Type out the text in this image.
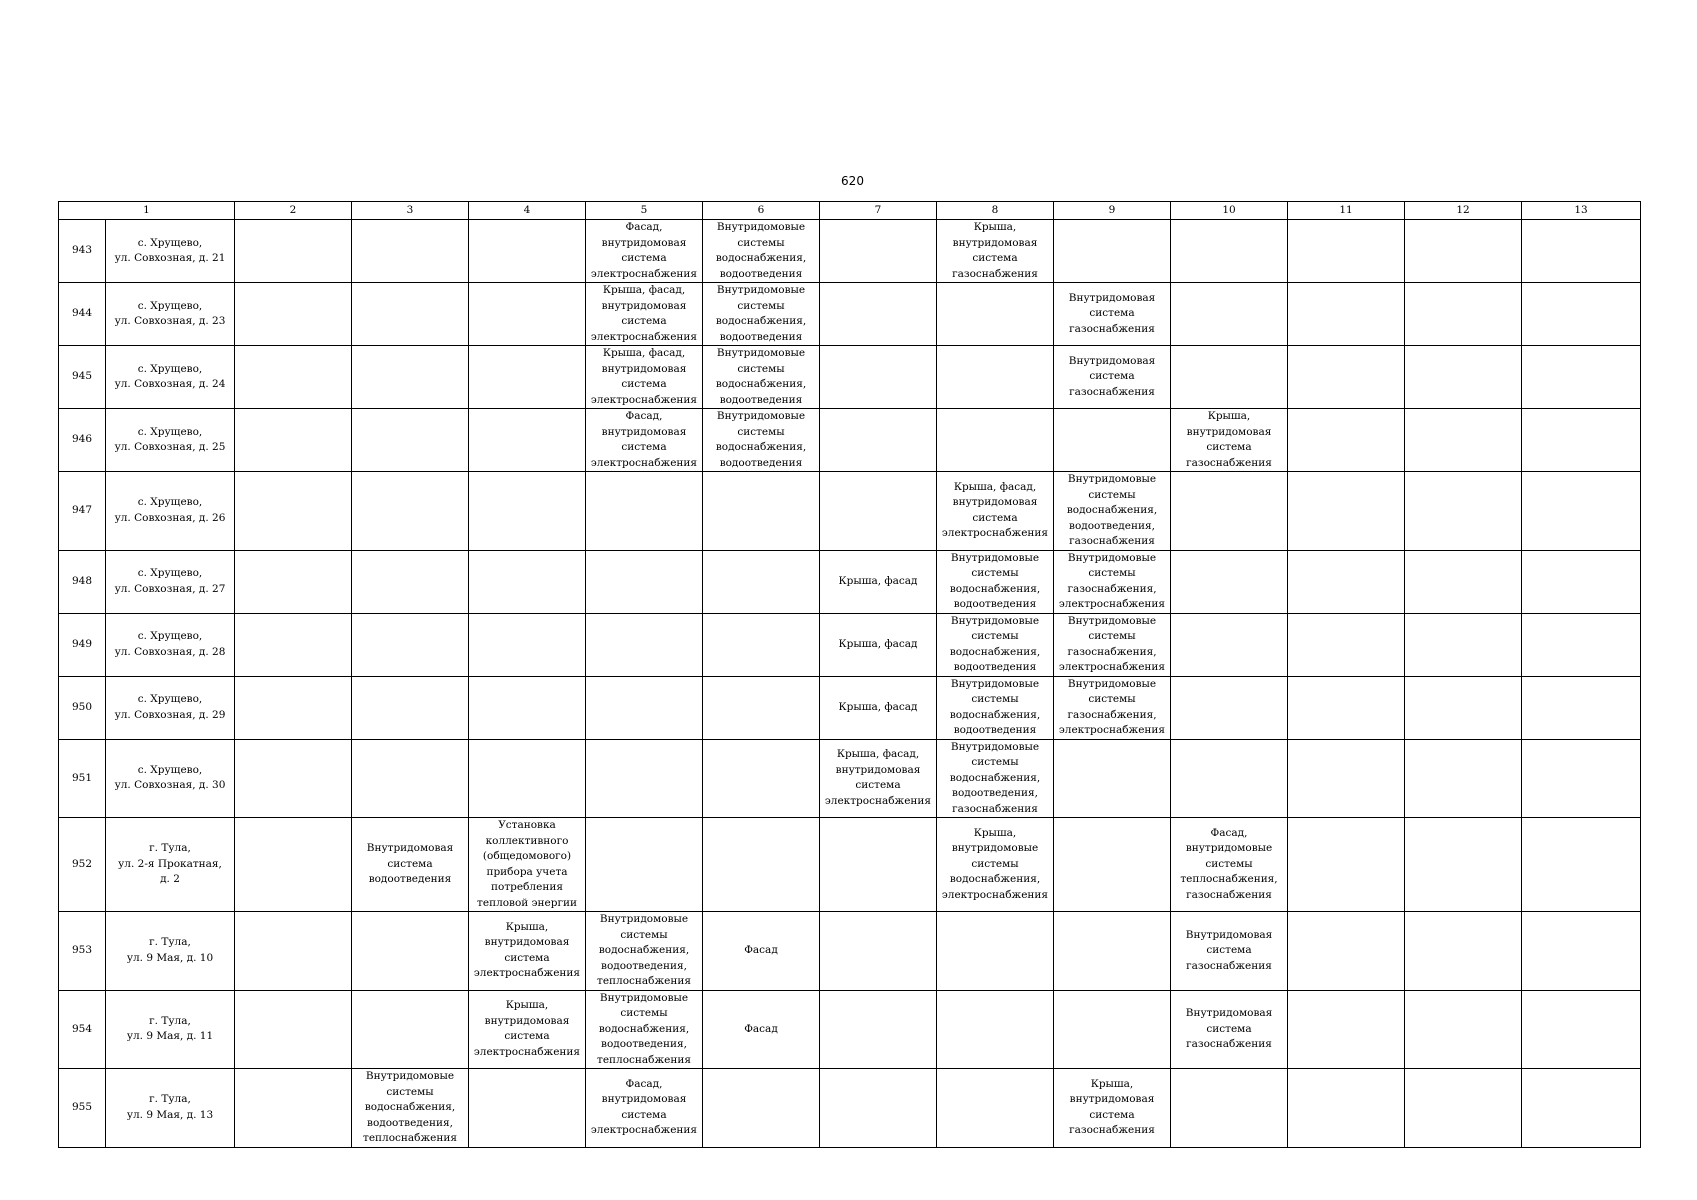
620
1		2	3	4	5	6	7	8	9	10	11	12	13
943	с. Хрущево,
ул. Совхозная, д. 21				Фасад, внутридомовая система электроснабжения	Внутридомовые системы водоснабжения, водоотведения		Крыша, внутридомовая система газоснабжения					
944	с. Хрущево,
ул. Совхозная, д. 23				Крыша, фасад, внутридомовая система электроснабжения	Внутридомовые системы водоснабжения, водоотведения			Внутридомовая система газоснабжения				
945	с. Хрущево,
ул. Совхозная, д. 24				Крыша, фасад, внутридомовая система электроснабжения	Внутридомовые системы водоснабжения, водоотведения			Внутридомовая система газоснабжения				
946	с. Хрущево,
ул. Совхозная, д. 25				Фасад, внутридомовая система электроснабжения	Внутридомовые системы водоснабжения, водоотведения				Крыша, внутридомовая система газоснабжения			
947	с. Хрущево,
ул. Совхозная, д. 26							Крыша, фасад, внутридомовая система электроснабжения	Внутридомовые системы водоснабжения, водоотведения, газоснабжения				
948	с. Хрущево,
ул. Совхозная, д. 27						Крыша, фасад	Внутридомовые системы водоснабжения, водоотведения	Внутридомовые системы газоснабжения, электроснабжения				
949	с. Хрущево,
ул. Совхозная, д. 28						Крыша, фасад	Внутридомовые системы водоснабжения, водоотведения	Внутридомовые системы газоснабжения, электроснабжения				
950	с. Хрущево,
ул. Совхозная, д. 29						Крыша, фасад	Внутридомовые системы водоснабжения, водоотведения	Внутридомовые системы газоснабжения, электроснабжения				
951	с. Хрущево,
ул. Совхозная, д. 30						Крыша, фасад, внутридомовая система электроснабжения	Внутридомовые системы водоснабжения, водоотведения, газоснабжения					
952	г. Тула,
ул. 2-я Прокатная,
д. 2		Внутридомовая система водоотведения	Установка коллективного (общедомового) прибора учета потребления тепловой энергии				Крыша, внутридомовые системы водоснабжения, электроснабжения		Фасад, внутридомовые системы теплоснабжения, газоснабжения			
953	г. Тула,
ул. 9 Мая, д. 10			Крыша, внутридомовая система электроснабжения	Внутридомовые системы водоснабжения, водоотведения, теплоснабжения	Фасад				Внутридомовая система газоснабжения			
954	г. Тула,
ул. 9 Мая, д. 11			Крыша, внутридомовая система электроснабжения	Внутридомовые системы водоснабжения, водоотведения, теплоснабжения	Фасад				Внутридомовая система газоснабжения			
955	г. Тула,
ул. 9 Мая, д. 13		Внутридомовые системы водоснабжения, водоотведения, теплоснабжения		Фасад, внутридомовая система электроснабжения				Крыша, внутридомовая система газоснабжения				
